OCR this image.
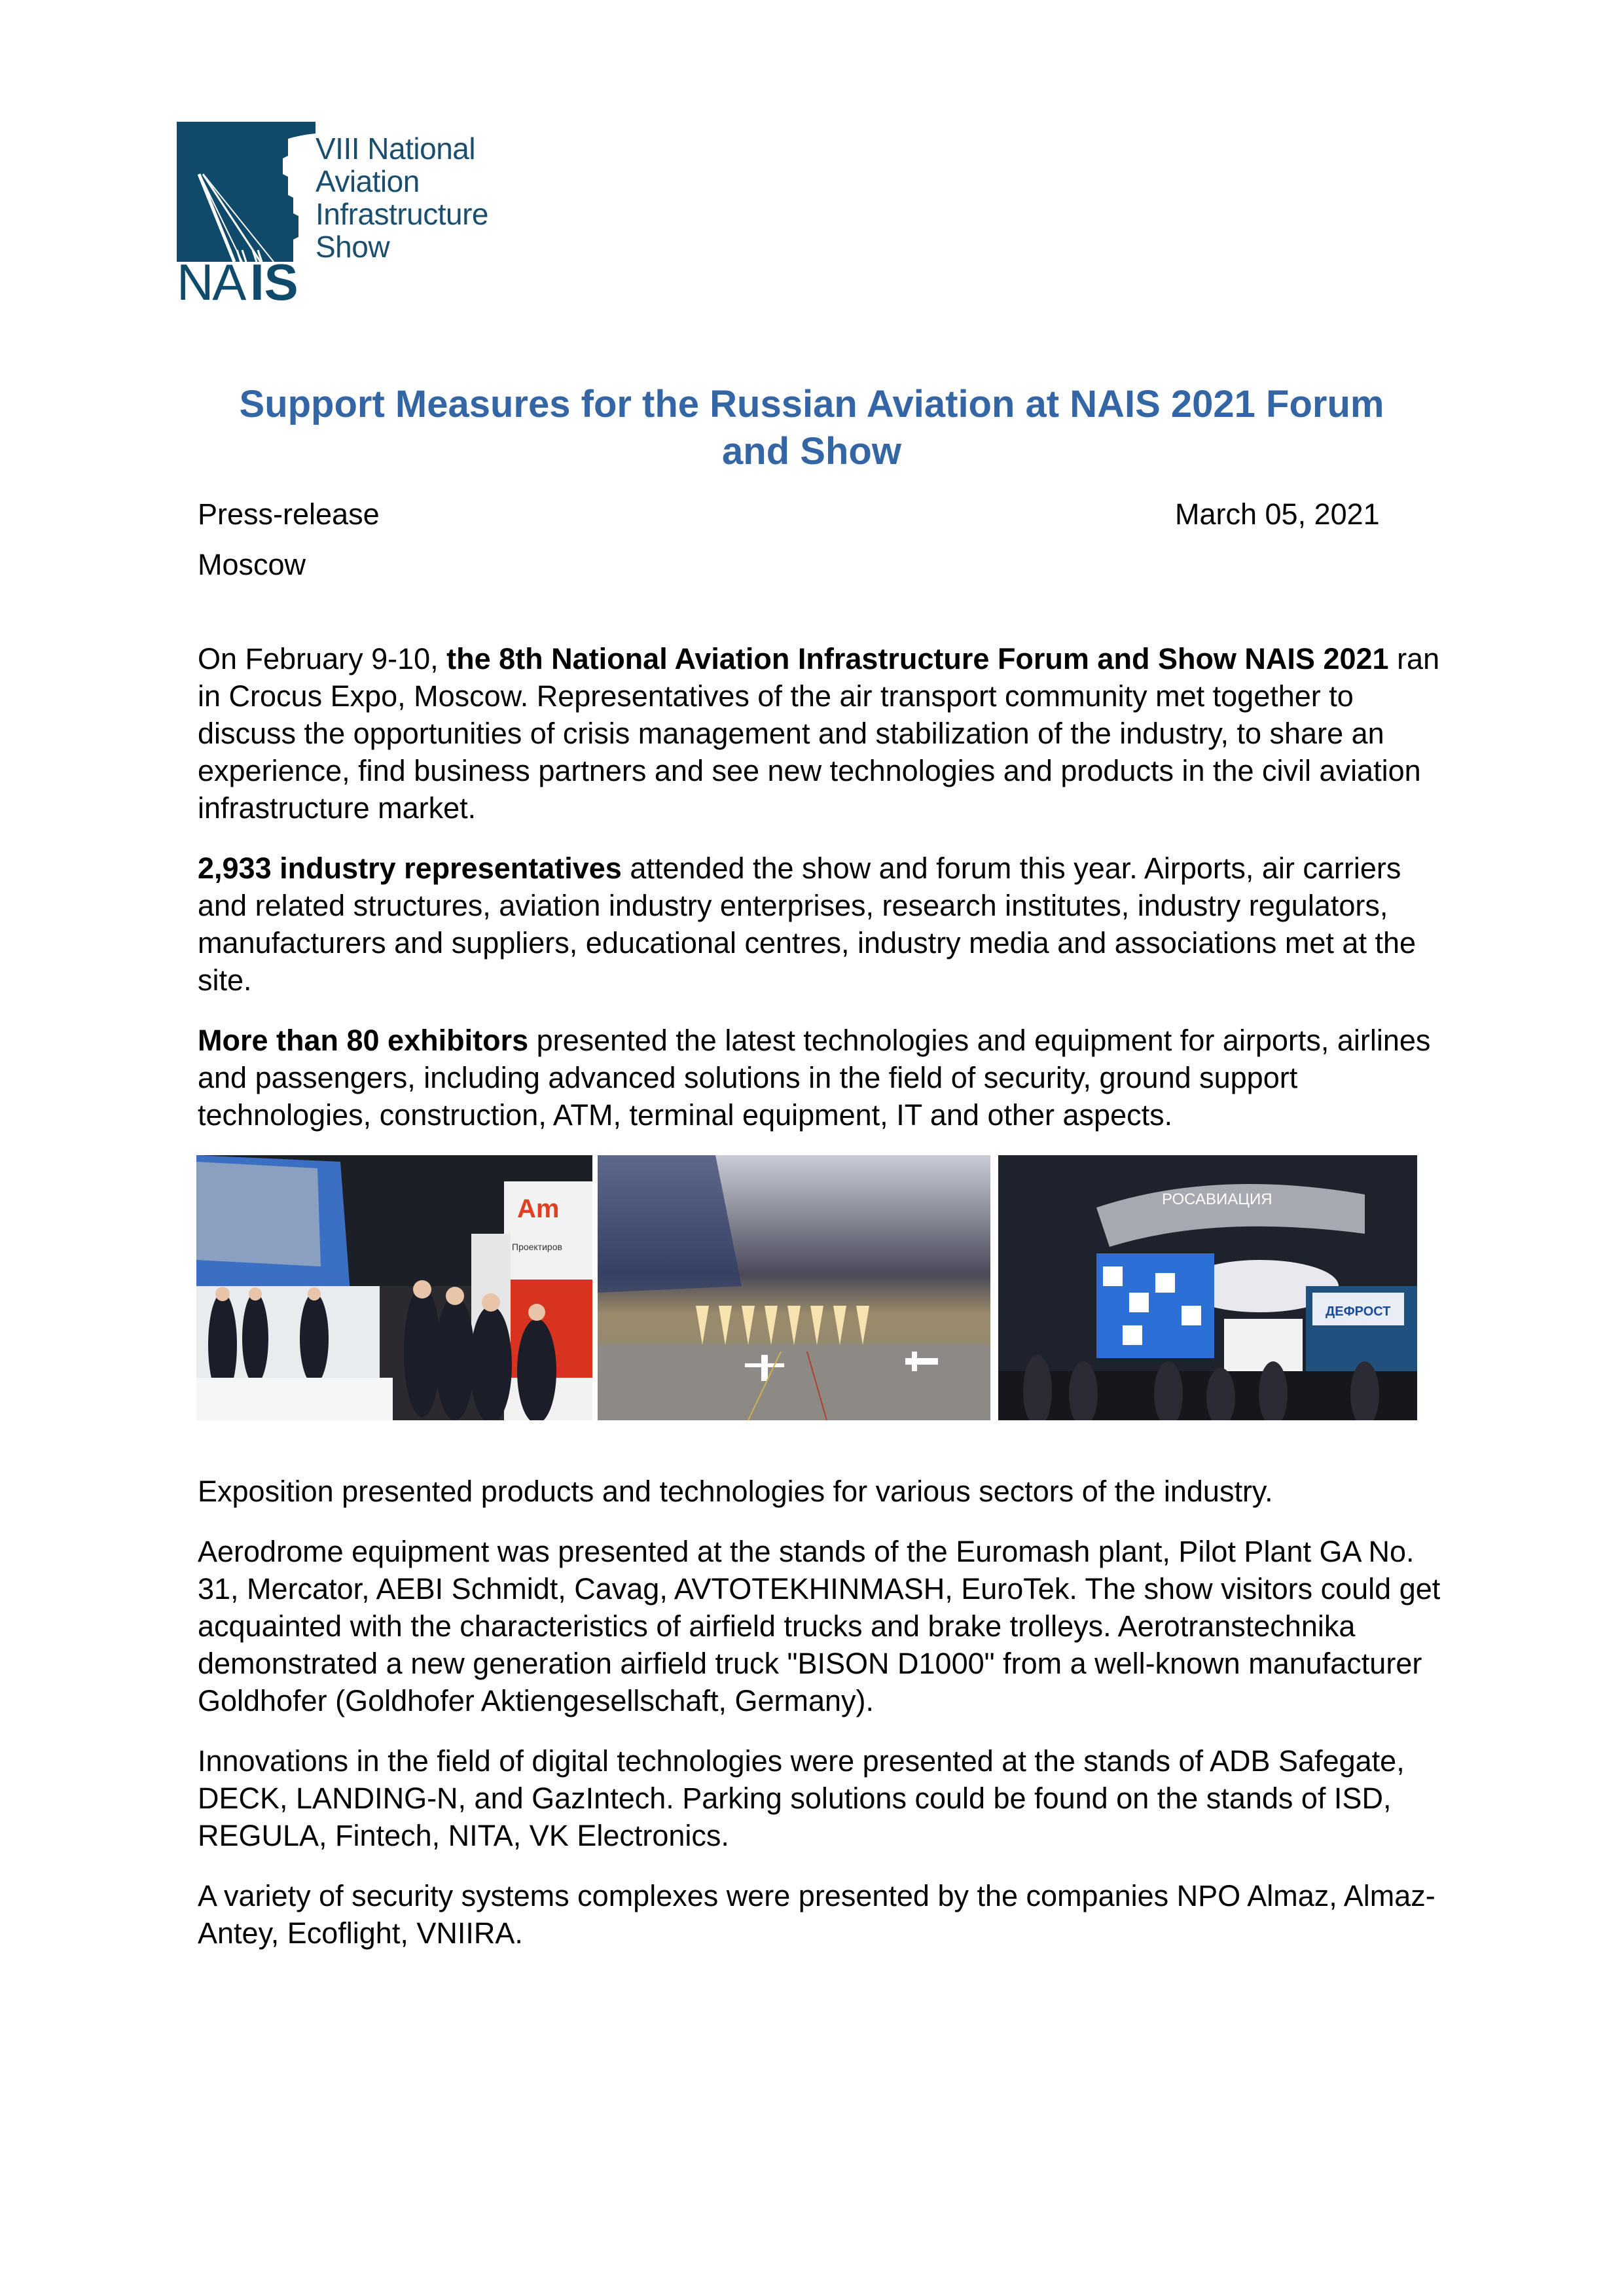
NA IS
VIII National
Aviation
Infrastructure
Show
Support Measures for the Russian Aviation at NAIS 2021 Forum
and Show
Press-release	March 05, 2021
Moscow

On February 9-10, the 8th National Aviation Infrastructure Forum and Show NAIS 2021 ran in Crocus Expo, Moscow. Representatives of the air transport community met together to discuss the opportunities of crisis management and stabilization of the industry, to share an experience, find business partners and see new technologies and products in the civil aviation infrastructure market.

2,933 industry representatives attended the show and forum this year. Airports, air carriers and related structures, aviation industry enterprises, research institutes, industry regulators, manufacturers and suppliers, educational centres, industry media and associations met at the site.

More than 80 exhibitors presented the latest technologies and equipment for airports, airlines and passengers, including advanced solutions in the field of security, ground support technologies, construction, ATM, terminal equipment, IT and other aspects.

Am
Проектиров
РОСАВИАЦИЯ
ДЕФРОСТ

Exposition presented products and technologies for various sectors of the industry.

Aerodrome equipment was presented at the stands of the Euromash plant, Pilot Plant GA No. 31, Mercator, AEBI Schmidt, Cavag, AVTOTEKHINMASH, EuroTek. The show visitors could get acquainted with the characteristics of airfield trucks and brake trolleys. Aerotranstechnika demonstrated a new generation airfield truck "BISON D1000" from a well-known manufacturer Goldhofer (Goldhofer Aktiengesellschaft, Germany).

Innovations in the field of digital technologies were presented at the stands of ADB Safegate, DECK, LANDING-N, and GazIntech. Parking solutions could be found on the stands of ISD, REGULA, Fintech, NITA, VK Electronics.

A variety of security systems complexes were presented by the companies NPO Almaz, Almaz-Antey, Ecoflight, VNIIRA.
